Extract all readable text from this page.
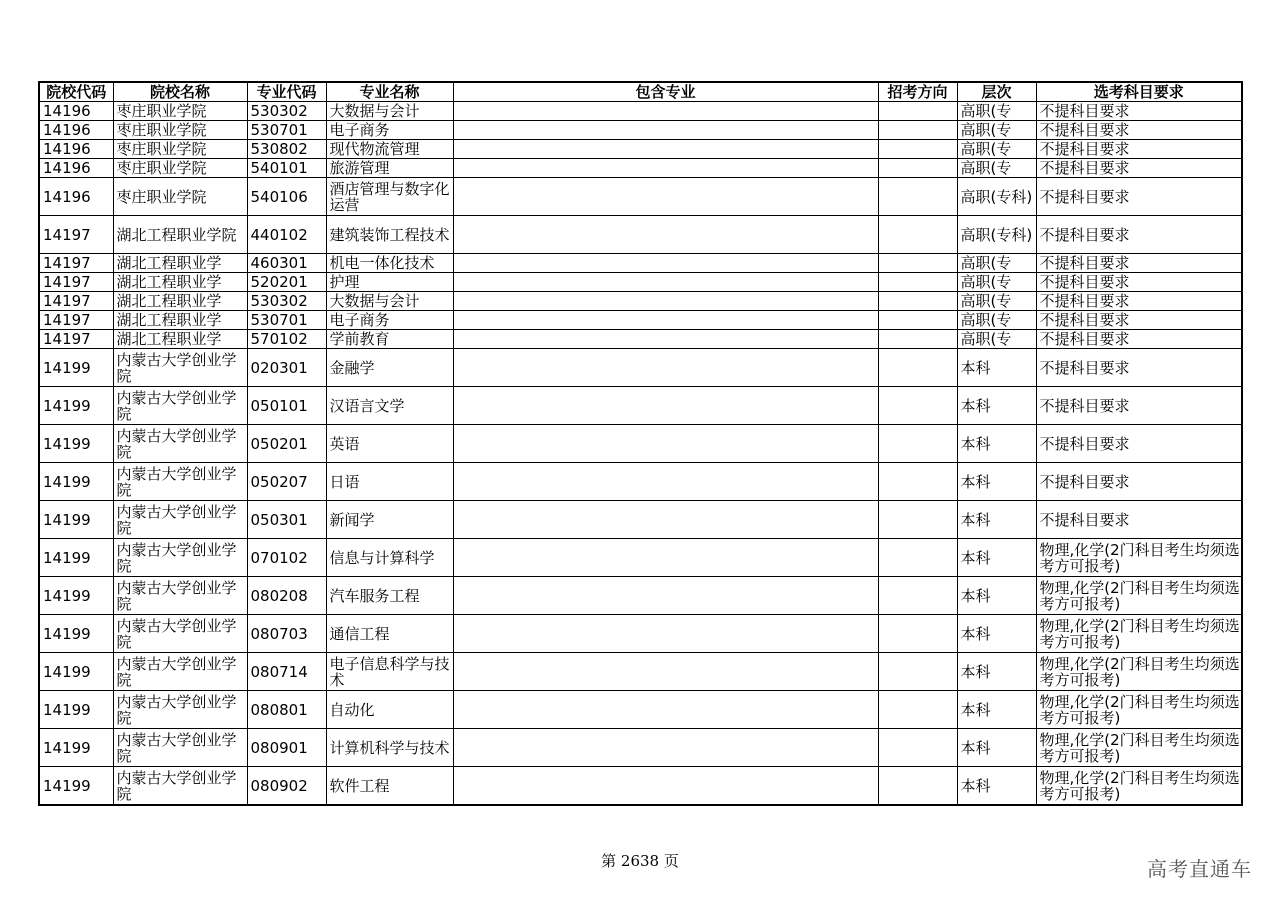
院校代码	院校名称	专业代码	专业名称	包含专业	招考方向	层次	选考科目要求
14196	枣庄职业学院	530302	大数据与会计			高职(专	不提科目要求
14196	枣庄职业学院	530701	电子商务			高职(专	不提科目要求
14196	枣庄职业学院	530802	现代物流管理			高职(专	不提科目要求
14196	枣庄职业学院	540101	旅游管理			高职(专	不提科目要求
14196	枣庄职业学院	540106	酒店管理与数字化运营			高职(专科)	不提科目要求
14197	湖北工程职业学院	440102	建筑装饰工程技术			高职(专科)	不提科目要求
14197	湖北工程职业学	460301	机电一体化技术			高职(专	不提科目要求
14197	湖北工程职业学	520201	护理			高职(专	不提科目要求
14197	湖北工程职业学	530302	大数据与会计			高职(专	不提科目要求
14197	湖北工程职业学	530701	电子商务			高职(专	不提科目要求
14197	湖北工程职业学	570102	学前教育			高职(专	不提科目要求
14199	内蒙古大学创业学院	020301	金融学			本科	不提科目要求
14199	内蒙古大学创业学院	050101	汉语言文学			本科	不提科目要求
14199	内蒙古大学创业学院	050201	英语			本科	不提科目要求
14199	内蒙古大学创业学院	050207	日语			本科	不提科目要求
14199	内蒙古大学创业学院	050301	新闻学			本科	不提科目要求
14199	内蒙古大学创业学院	070102	信息与计算科学			本科	物理,化学(2门科目考生均须选考方可报考)
14199	内蒙古大学创业学院	080208	汽车服务工程			本科	物理,化学(2门科目考生均须选考方可报考)
14199	内蒙古大学创业学院	080703	通信工程			本科	物理,化学(2门科目考生均须选考方可报考)
14199	内蒙古大学创业学院	080714	电子信息科学与技术			本科	物理,化学(2门科目考生均须选考方可报考)
14199	内蒙古大学创业学院	080801	自动化			本科	物理,化学(2门科目考生均须选考方可报考)
14199	内蒙古大学创业学院	080901	计算机科学与技术			本科	物理,化学(2门科目考生均须选考方可报考)
14199	内蒙古大学创业学院	080902	软件工程			本科	物理,化学(2门科目考生均须选考方可报考)
第 2638 页	高考直通车
